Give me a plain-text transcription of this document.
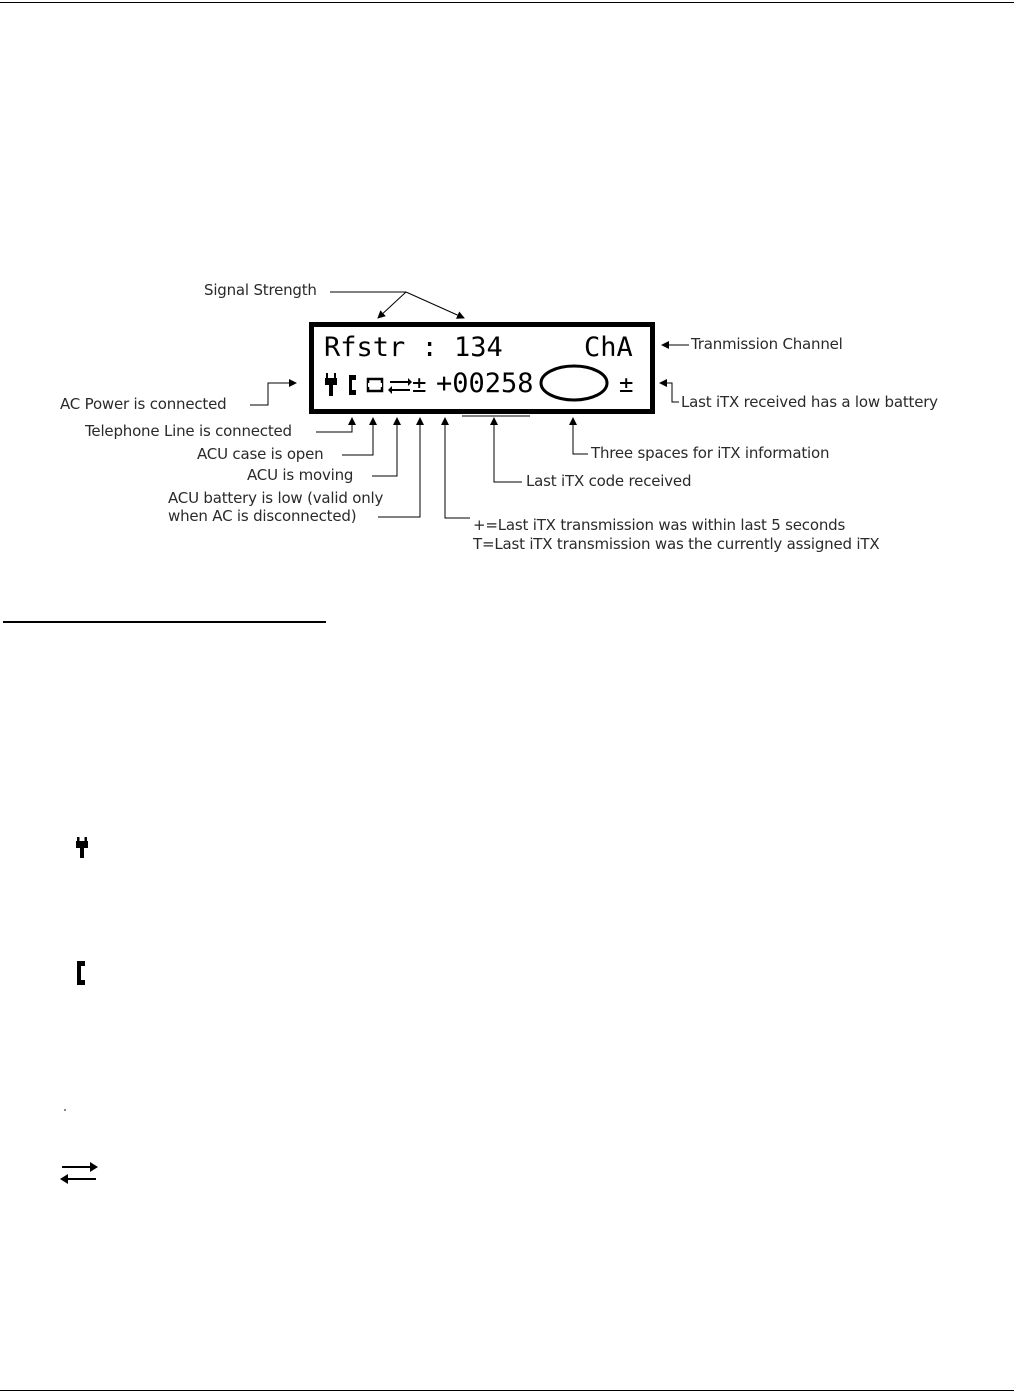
Rfstr : 134	ChA
± +00258	±
Signal Strength
Tranmission Channel
Last iTX received has a low battery
AC Power is connected
Telephone Line is connected
ACU case is open
ACU is moving
ACU battery is low (valid only
when AC is disconnected)
Three spaces for iTX information
Last iTX code received
+=Last iTX transmission was within last 5 seconds
T=Last iTX transmission was the currently assigned iTX
